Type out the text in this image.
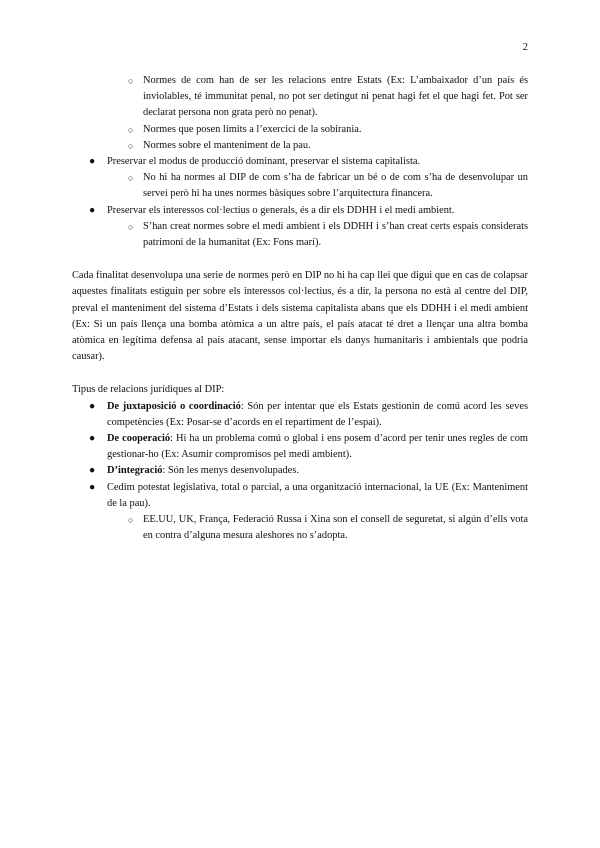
2
○ Normes de com han de ser les relacions entre Estats (Ex: L’ambaixador d’un país és inviolables, té immunitat penal, no pot ser detingut ni penat hagi fet el que hagi fet. Pot ser declarat persona non grata però no penat).
○ Normes que posen límits a l’exercici de la sobirania.
○ Normes sobre el manteniment de la pau.
● Preservar el modus de producció dominant, preservar el sistema capitalista.
○ No hi ha normes al DIP de com s’ha de fabricar un bé o de com s’ha de desenvolupar un servei però hi ha unes normes bàsiques sobre l’arquitectura financera.
● Preservar els interessos col·lectius o generals, és a dir els DDHH i el medi ambient.
○ S’han creat normes sobre el medi ambient i els DDHH i s’han creat certs espais considerats patrimoni de la humanitat (Ex: Fons marí).

Cada finalitat desenvolupa una serie de normes però en DIP no hi ha cap llei que digui que en cas de colapsar aquestes finalitats estiguin per sobre els interessos col·lectius, és a dir, la persona no està al centre del DIP, preval el manteniment del sistema d’Estats i dels sistema capitalista abans que els DDHH i el medi ambient (Ex: Si un país llença una bomba atòmica a un altre país, el país atacat té dret a llençar una altra bomba atòmica en legítima defensa al país atacant, sense importar els danys humanitaris i ambientals que podria causar).

Tipus de relacions jurídiques al DIP:

● De juxtaposició o coordinació: Són per intentar que els Estats gestionin de comú acord les seves competències (Ex: Posar-se d’acords en el repartiment de l’espai).
● De cooperació: Hi ha un problema comú o global i ens posem d’acord per tenir unes regles de com gestionar-ho (Ex: Asumir compromisos pel medi ambient).
● D’integració: Són les menys desenvolupades.
● Cedim potestat legislativa, total o parcial, a una organització internacional, la UE (Ex: Manteniment de la pau).
○ EE.UU, UK, França, Federació Russa i Xina son el consell de seguretat, si algún d’ells vota en contra d’alguna mesura aleshores no s’adopta.
